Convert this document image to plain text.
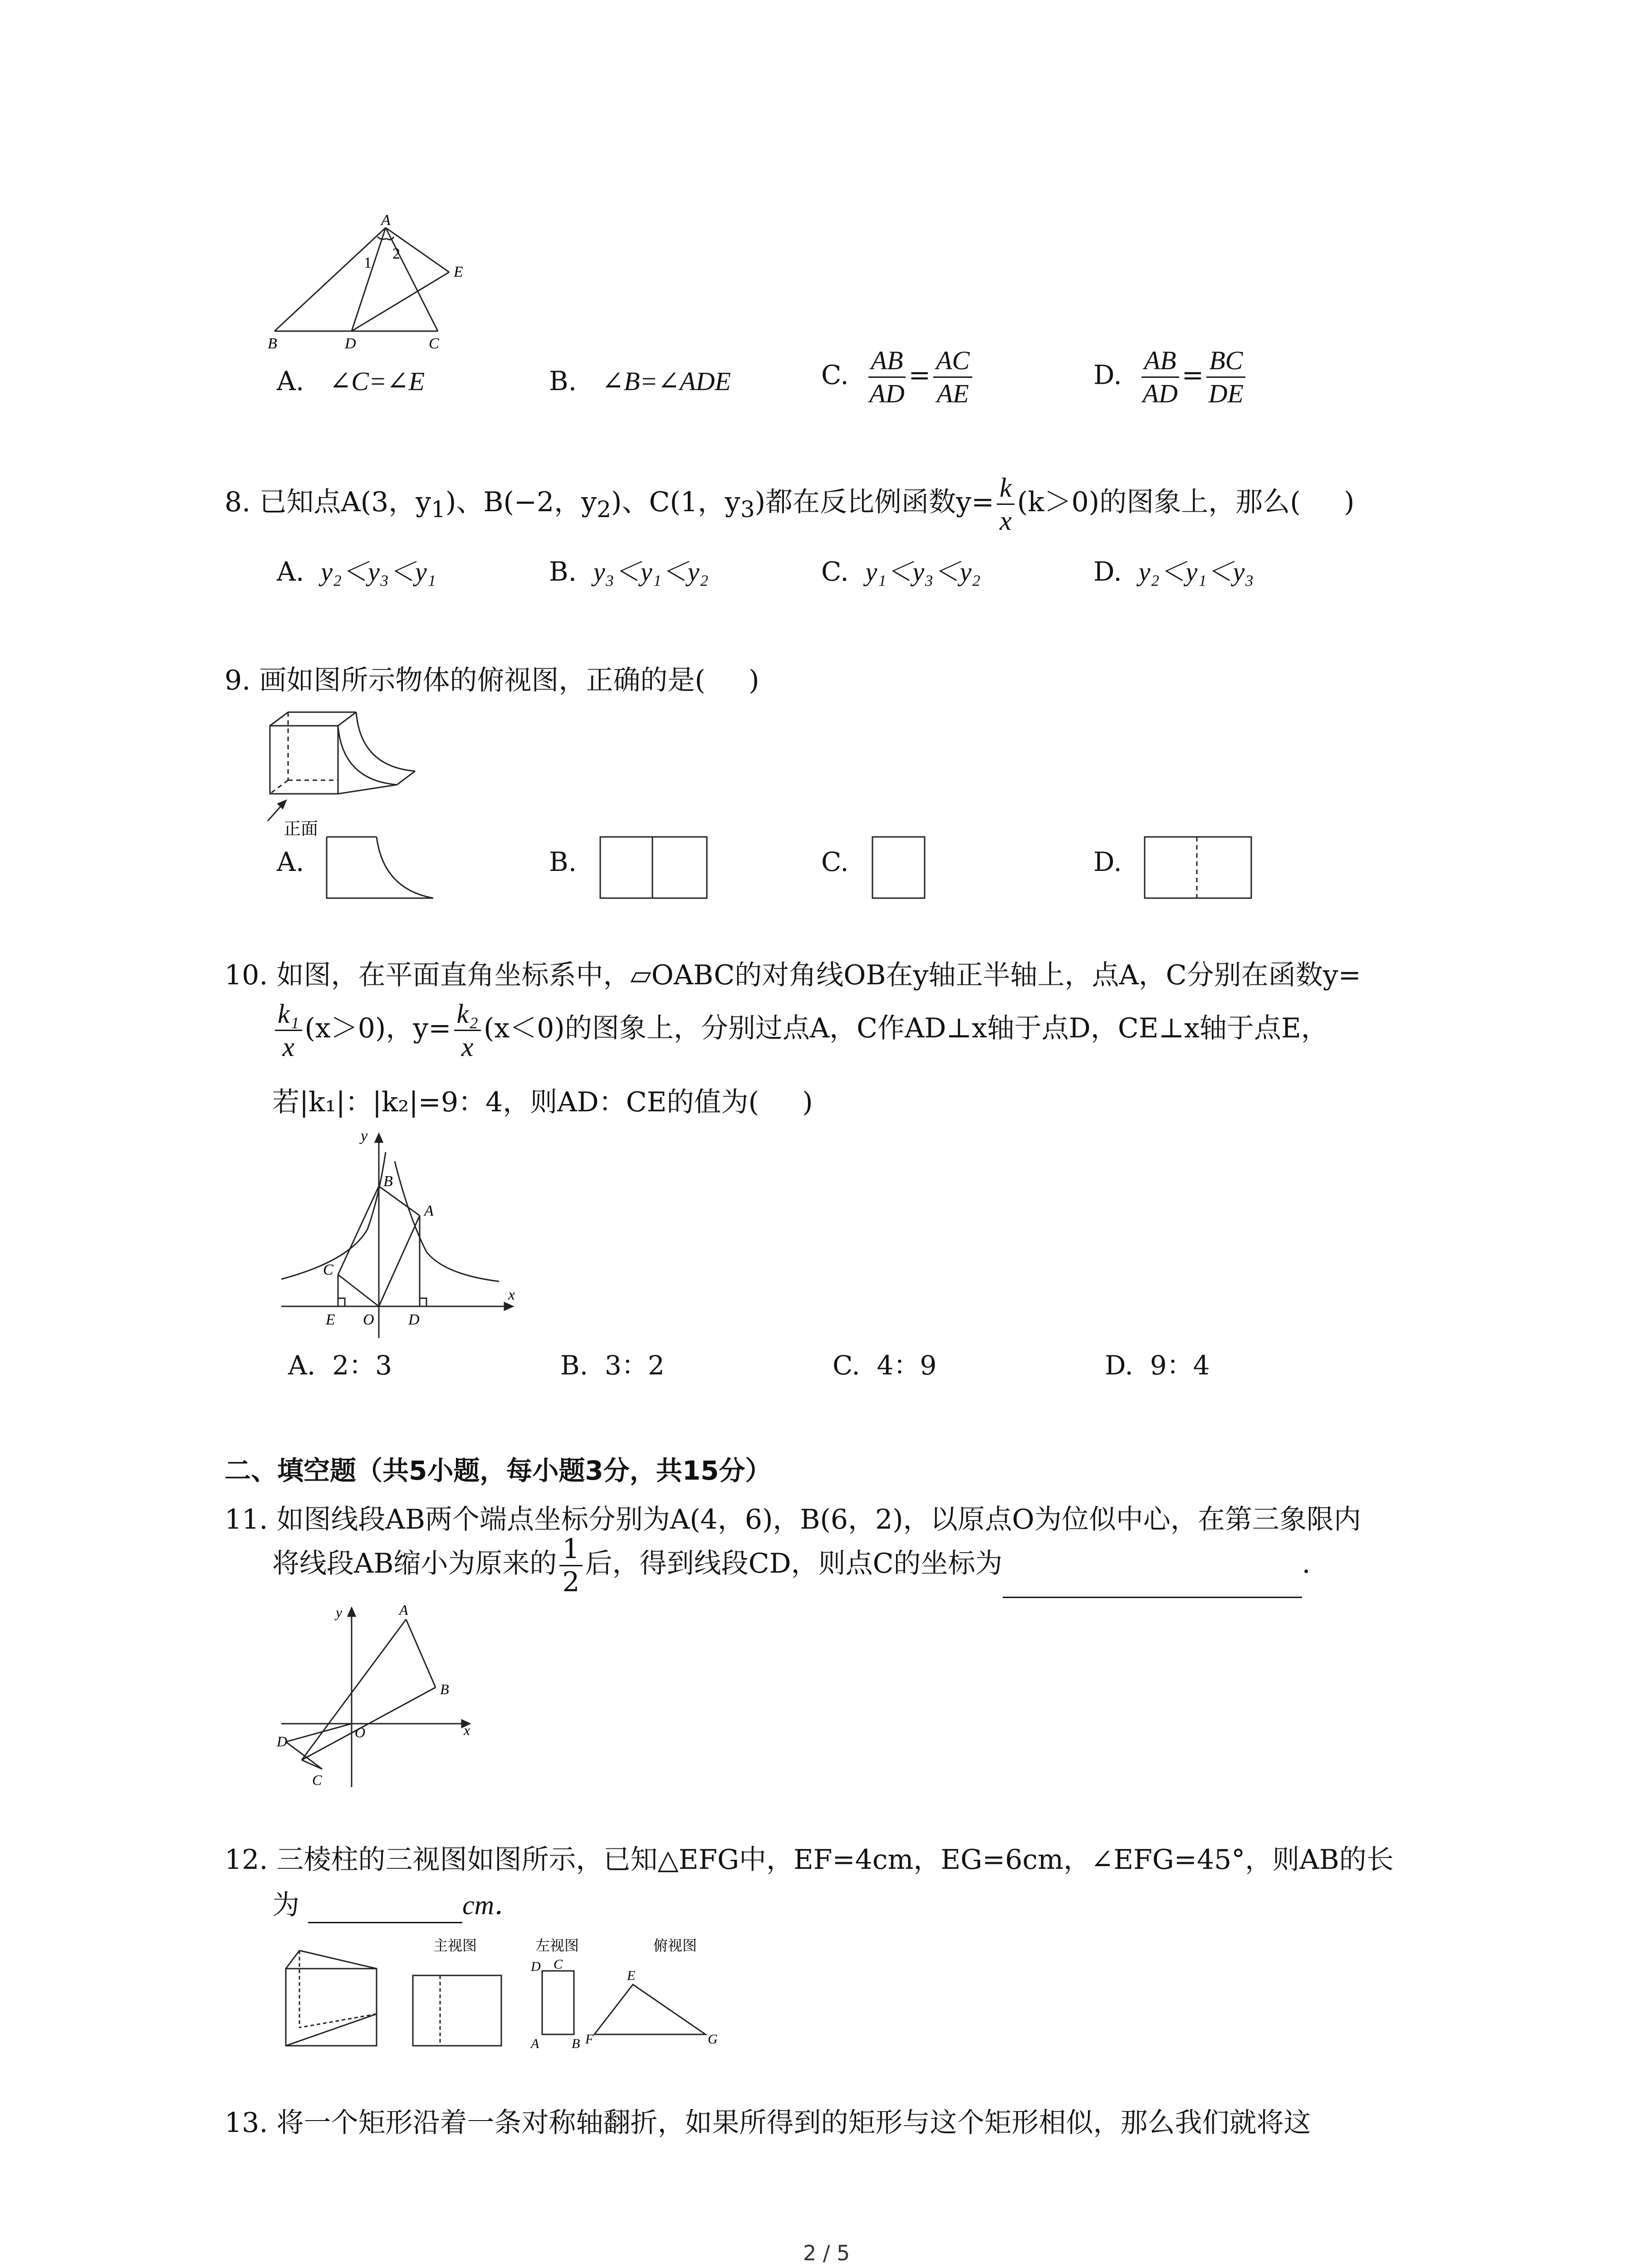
A
1
2
E
B	D	C
A. ∠C=∠E	B. ∠B=∠ADE	C. $\frac{AB}{AD} = \frac{AC}{AE}$	D. $\frac{AB}{AD} = \frac{BC}{DE}$
8. 已知点A(3，$y_1$)、B(−2，$y_2$)、C(1，$y_3$)都在反比例函数$y= \frac{k}{x} (k>0)$的图象上，那么( )
A. y₂＜y₃＜y₁	B. y₃＜y₁＜y₂	C. y₁＜y₃＜y₂	D. y₂＜y₁＜y₃
9. 画如图所示物体的俯视图，正确的是( )
正面
A.	B.	C.	D.
10. 如图，在平面直角坐标系中，▱OABC的对角线OB在y轴正半轴上，点A，C分别在函数y=
$\frac{\text{k₁}}{x} (x>0)$，$y= \frac{\text{k₂}}{x} (x<0)$的图象上，分别过点A，C作AD⊥x轴于点D，CE⊥x轴于点E，
若|k₁|：|k₂|=9：4，则AD：CE的值为( )
y
x
B
A
C
E O D
A. 2：3	B. 3：2	C. 4：9	D. 9：4
二、填空题（共5小题，每小题3分，共15分）
11. 如图线段AB两个端点坐标分别为A(4，6)，B(6，2)，以原点O为位似中心，在第三象限内
将线段AB缩小为原来的 $\frac{1}{2}$ 后，得到线段CD，则点C的坐标为	.
y	A
B
x
O
D
C
12. 三棱柱的三视图如图所示，已知△EFG中，EF=4cm，EG=6cm，∠EFG=45°，则AB的长
为	cm．
主视图	左视图	俯视图
D C
A B
E
F	G
13. 将一个矩形沿着一条对称轴翻折，如果所得到的矩形与这个矩形相似，那么我们就将这
2 / 5
